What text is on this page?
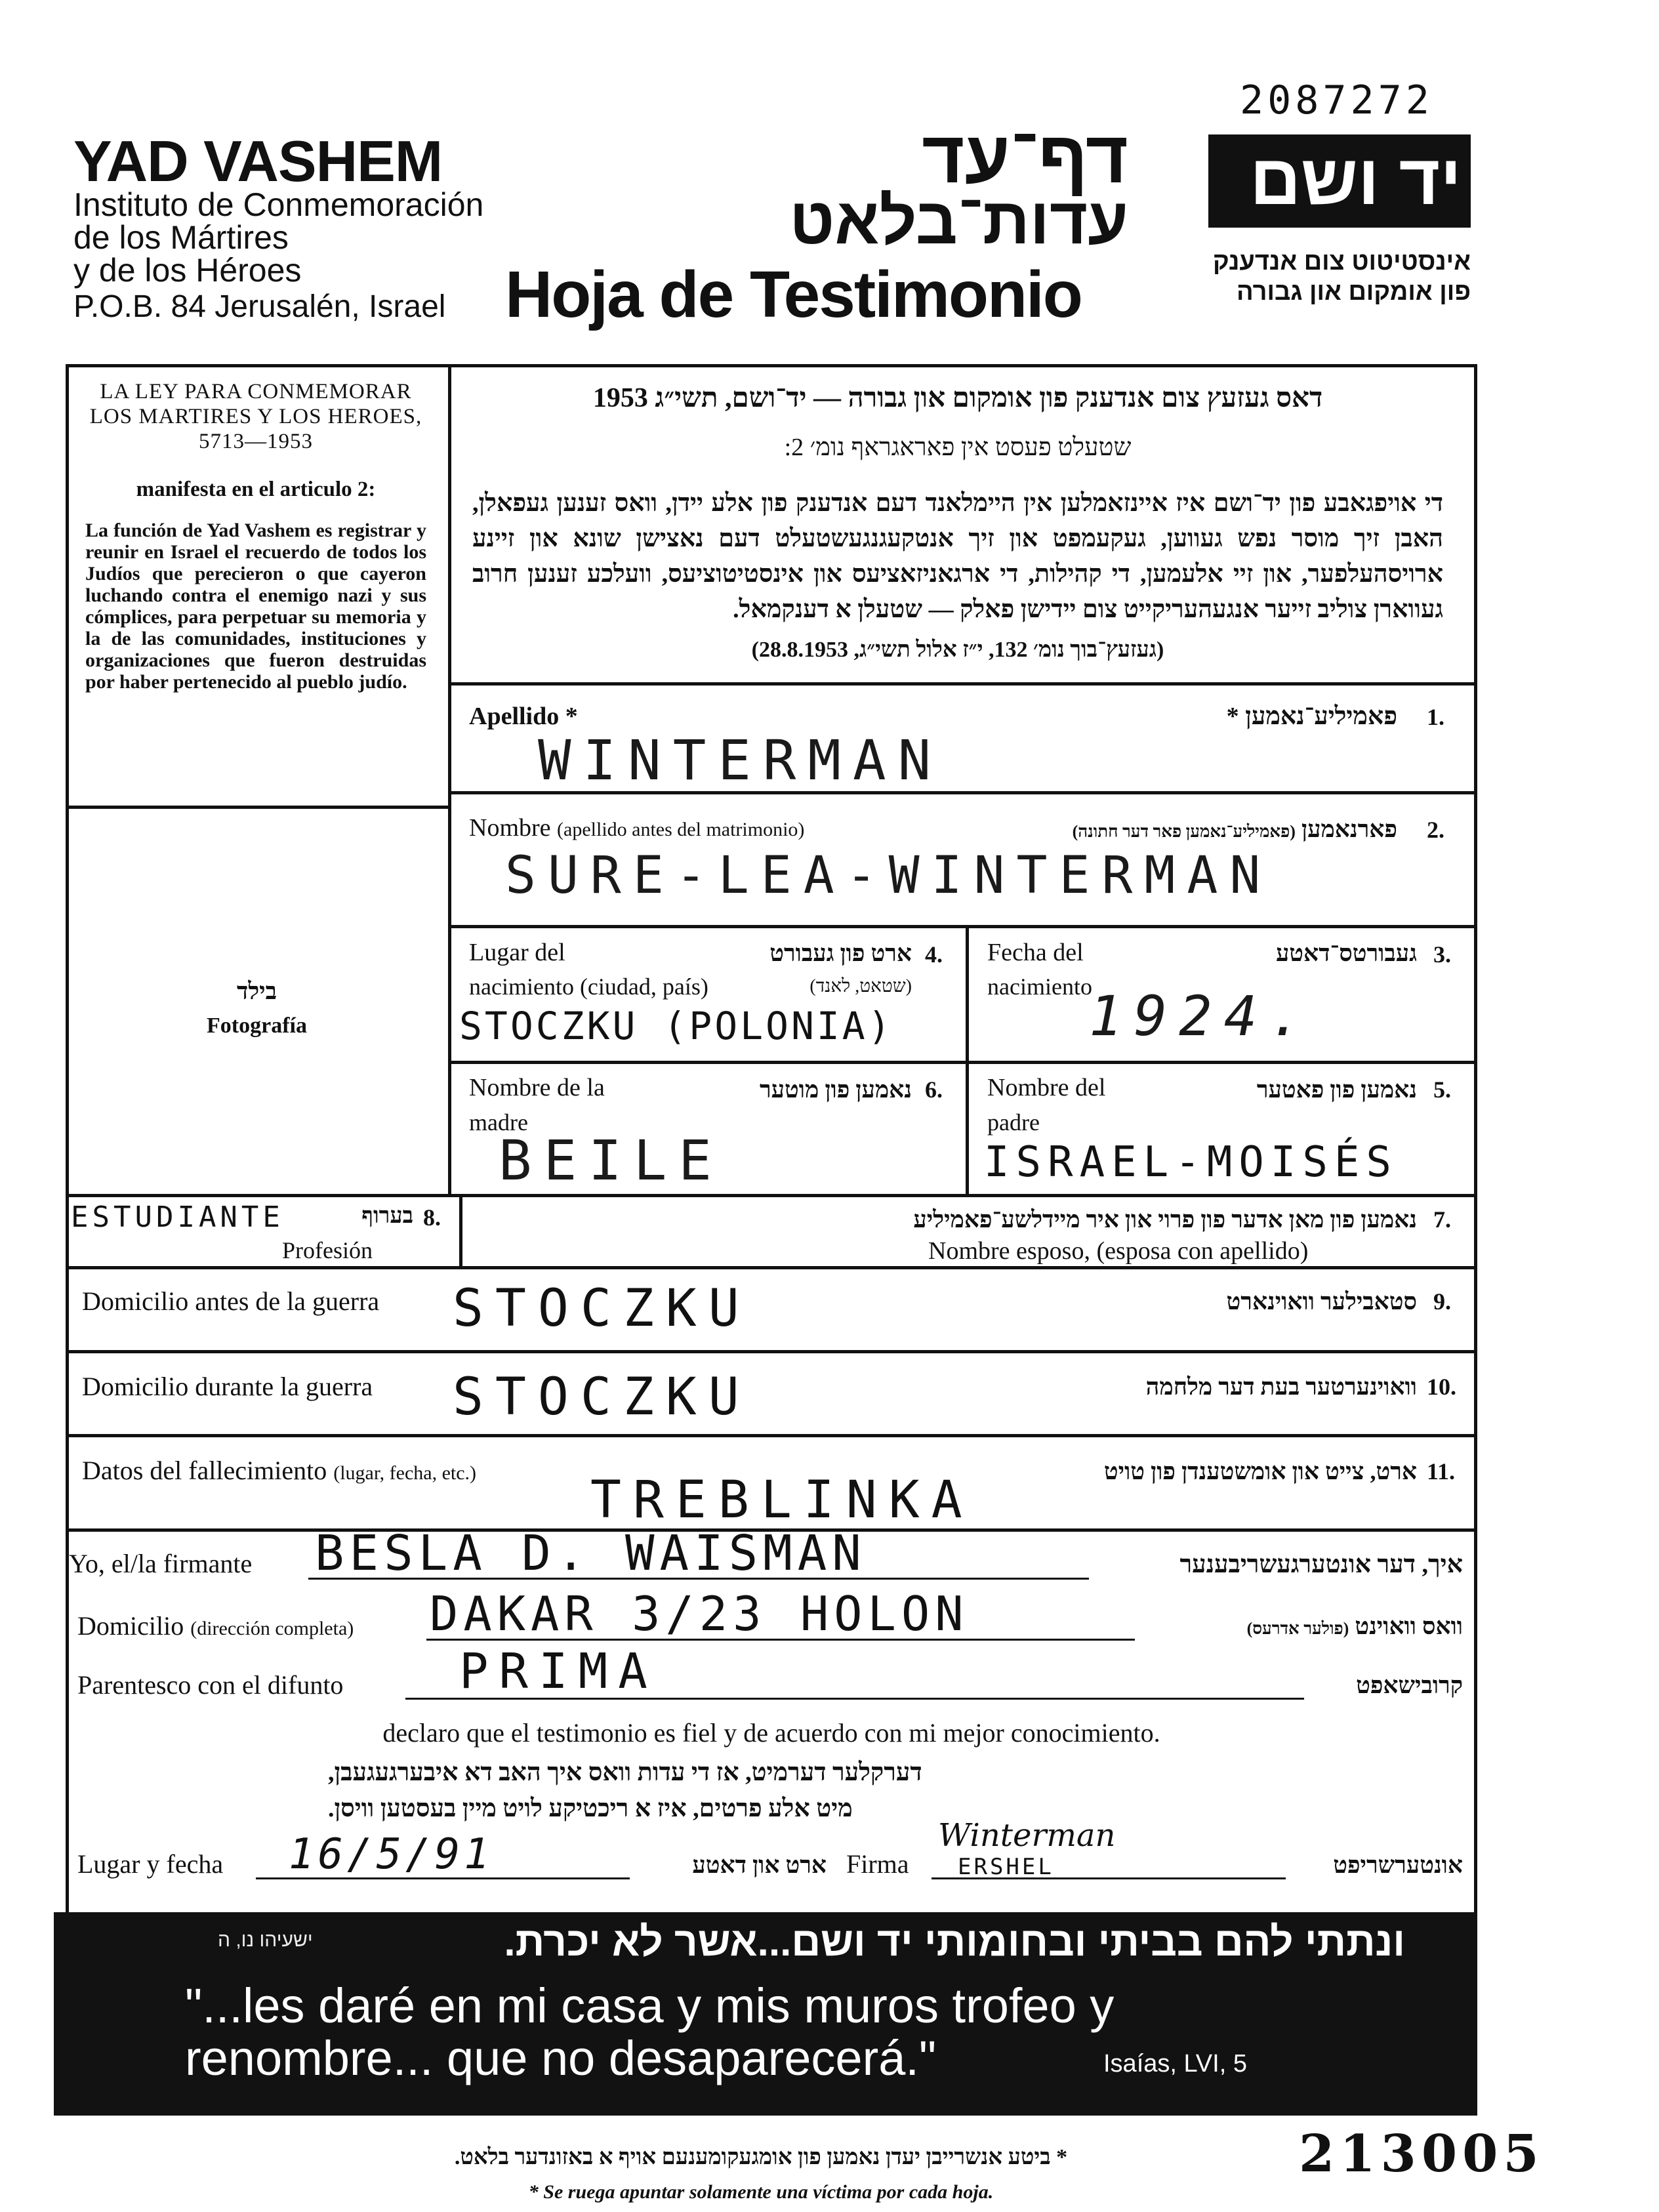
2087272
YAD VASHEM
Instituto de Conmemoración
de los Mártires
y de los Héroes
P.O.B. 84 Jerusalén, Israel
דף־עד
עדות־בלאט
Hoja de Testimonio
יד ושם
אינסטיטוט צום אנדענק
פון אומקום און גבורה
LA LEY PARA CONMEMORAR LOS MARTIRES Y LOS HEROES, 5713—1953
manifesta en el articulo 2:
La función de Yad Vashem es registrar y reunir en Israel el recuerdo de todos los Judíos que perecieron o que cayeron luchando contra el enemigo nazi y sus cómplices, para perpetuar su memoria y la de las comunidades, instituciones y organizaciones que fueron destruidas por haber pertenecido al pueblo judío.
דאס געזעץ צום אנדענק פון אומקום און גבורה — יד־ושם, תשי״ג 1953
שטעלט פעסט אין פאראגראף נומ׳ 2:
די אויפגאבע פון יד־ושם איז איינזאמלען אין היימלאנד דעם אנדענק פון אלע יידן, וואס זענען געפאלן, האבן זיך מוסר נפש געווען, געקעמפט און זיך אנטקעגנגעשטעלט דעם נאצישן שונא און זיינע ארויסהעלפער, און זיי אלעמען, די קהילות, די ארגאניזאציעס און אינסטיטוציעס, וועלכע זענען חרוב געווארן צוליב זייער אנגעהעריקייט צום יידישן פאלק — שטעלן א דענקמאל.
(געזעץ־בוך נומ׳ 132, י״ז אלול תשי״ג, 28.8.1953)
בילד
Fotografía
Apellido *	פאמיליע־נאמען * 1.
WINTERMAN
Nombre (apellido antes del matrimonio)	פארנאמען (פאמיליע־נאמען פאר דער חתונה)	2.
SURE-LEA-WINTERMAN
Lugar del
nacimiento (ciudad, país)
ארט פון געבורט
(שטאט, לאנד)
4.
STOCZKU (POLONIA)
Fecha del
nacimiento
געבורטס־דאטע 3.
1924.
Nombre de la
madre
נאמען פון מוטער 6.
BEILE
Nombre del
padre
נאמען פון פאטער 5.
ISRAEL-MOISÉS
ESTUDIANTE	בערוף 8.
Profesión
נאמען פון מאן אדער פון פרוי און איר מיידלשע־פאמיליע 7.
Nombre esposo, (esposa con apellido)
Domicilio antes de la guerra	סטאבילער וואוינארט 9.
STOCZKU
Domicilio durante la guerra	וואוינערטער בעת דער מלחמה 10.
STOCZKU
Datos del fallecimiento (lugar, fecha, etc.)	ארט, צייט און אומשטענדן פון טויט 11.
TREBLINKA
Yo, el/la firmante BESLA D. WAISMAN	איך, דער אונטערגעשריבענער
Domicilio (dirección completa) DAKAR 3/23 HOLON	וואס וואוינט (פולער אדרעס)
Parentesco con el difunto PRIMA	קרובישאפט
declaro que el testimonio es fiel y de acuerdo con mi mejor conocimiento.
דערקלער דערמיט, אז די עדות וואס איך האב דא איבערגעגעבן,
מיט אלע פרטים, איז א ריכטיקע לויט מיין בעסטען וויסן.
Lugar y fecha 16/5/91	ארט און דאטע Firma
Winterman
ERSHEL	אונטערשריפט
ישעיהו נו, ה	ונתתי להם בביתי ובחומותי יד ושם...אשר לא יכרת.
"...les daré en mi casa y mis muros trofeo y
renombre... que no desaparecerá."	Isaías, LVI, 5
* ביטע אנשרייבן יעדן נאמען פון אומגעקומענעם אויף א באזונדער בלאט.
* Se ruega apuntar solamente una víctima por cada hoja.
213005
